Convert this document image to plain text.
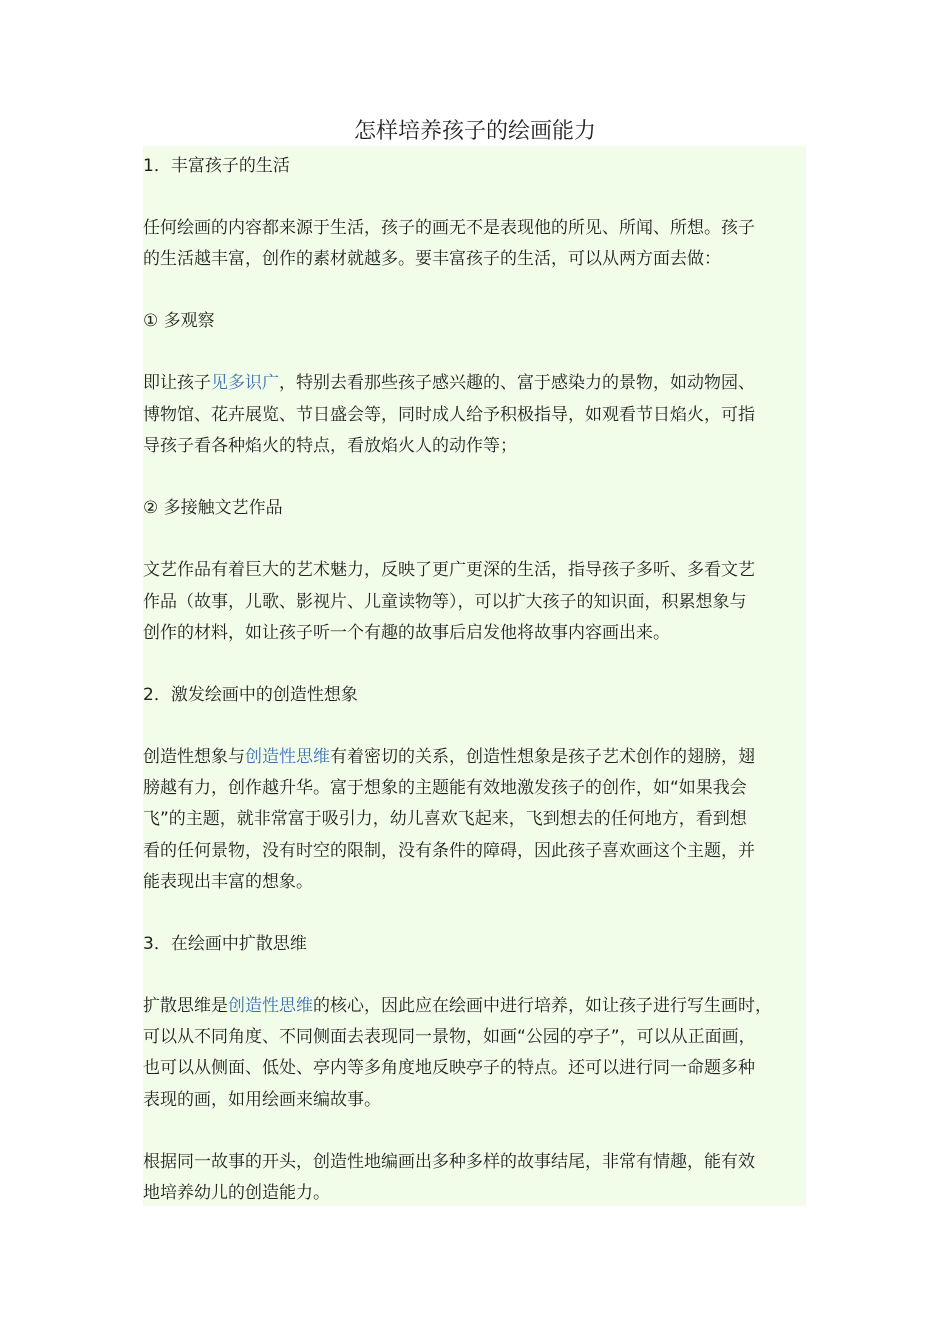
怎样培养孩子的绘画能力
1．丰富孩子的生活
任何绘画的内容都来源于生活，孩子的画无不是表现他的所见、所闻、所想。孩子
的生活越丰富，创作的素材就越多。要丰富孩子的生活，可以从两方面去做：
① 多观察
即让孩子见多识广，特别去看那些孩子感兴趣的、富于感染力的景物，如动物园、
博物馆、花卉展览、节日盛会等，同时成人给予积极指导，如观看节日焰火，可指
导孩子看各种焰火的特点，看放焰火人的动作等；
② 多接触文艺作品
文艺作品有着巨大的艺术魅力，反映了更广更深的生活，指导孩子多听、多看文艺
作品（故事，儿歌、影视片、儿童读物等），可以扩大孩子的知识面，积累想象与
创作的材料，如让孩子听一个有趣的故事后启发他将故事内容画出来。
2．激发绘画中的创造性想象
创造性想象与创造性思维有着密切的关系，创造性想象是孩子艺术创作的翅膀，翅
膀越有力，创作越升华。富于想象的主题能有效地激发孩子的创作，如“如果我会
飞”的主题，就非常富于吸引力，幼儿喜欢飞起来，飞到想去的任何地方，看到想
看的任何景物，没有时空的限制，没有条件的障碍，因此孩子喜欢画这个主题，并
能表现出丰富的想象。
3．在绘画中扩散思维
扩散思维是创造性思维的核心，因此应在绘画中进行培养，如让孩子进行写生画时，
可以从不同角度、不同侧面去表现同一景物，如画“公园的亭子”，可以从正面画，
也可以从侧面、低处、亭内等多角度地反映亭子的特点。还可以进行同一命题多种
表现的画，如用绘画来编故事。
根据同一故事的开头，创造性地编画出多种多样的故事结尾，非常有情趣，能有效
地培养幼儿的创造能力。
